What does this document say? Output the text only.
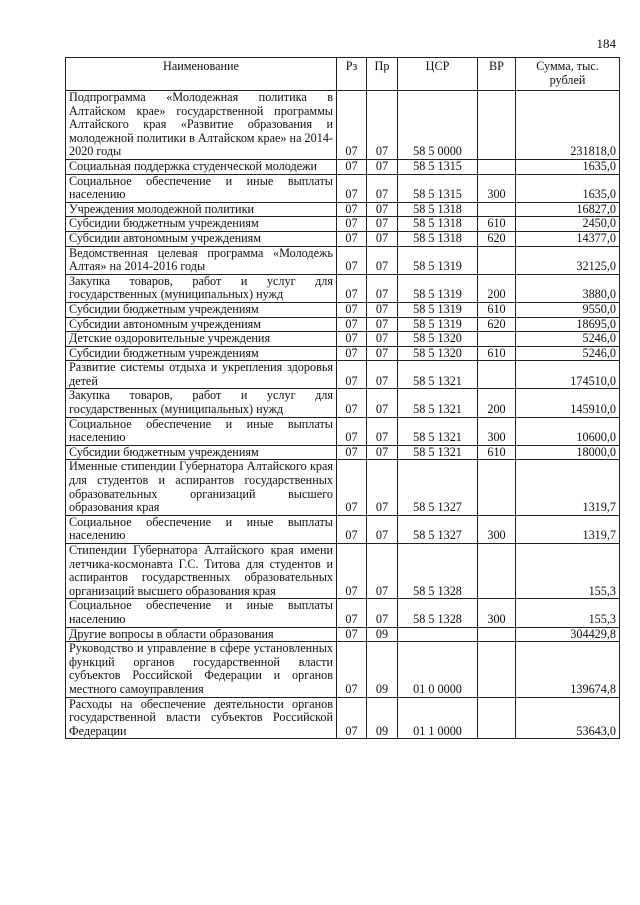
184
Наименование	Рз	Пр	ЦСР	ВР	Сумма, тыс. рублей
Подпрограмма «Молодежная политика в Алтайском крае» государственной программы Алтайского края «Развитие образования и молодежной политики в Алтайском крае» на 2014-2020 годы	07	07	58 5 0000		231818,0
Социальная поддержка студенческой молодежи	07	07	58 5 1315		1635,0
Социальное обеспечение и иные выплаты населению	07	07	58 5 1315	300	1635,0
Учреждения молодежной политики	07	07	58 5 1318		16827,0
Субсидии бюджетным учреждениям	07	07	58 5 1318	610	2450,0
Субсидии автономным учреждениям	07	07	58 5 1318	620	14377,0
Ведомственная целевая программа «Молодежь Алтая» на 2014-2016 годы	07	07	58 5 1319		32125,0
Закупка товаров, работ и услуг для государственных (муниципальных) нужд	07	07	58 5 1319	200	3880,0
Субсидии бюджетным учреждениям	07	07	58 5 1319	610	9550,0
Субсидии автономным учреждениям	07	07	58 5 1319	620	18695,0
Детские оздоровительные учреждения	07	07	58 5 1320		5246,0
Субсидии бюджетным учреждениям	07	07	58 5 1320	610	5246,0
Развитие системы отдыха и укрепления здоровья детей	07	07	58 5 1321		174510,0
Закупка товаров, работ и услуг для государственных (муниципальных) нужд	07	07	58 5 1321	200	145910,0
Социальное обеспечение и иные выплаты населению	07	07	58 5 1321	300	10600,0
Субсидии бюджетным учреждениям	07	07	58 5 1321	610	18000,0
Именные стипендии Губернатора Алтайского края для студентов и аспирантов государственных образовательных организаций высшего образования края	07	07	58 5 1327		1319,7
Социальное обеспечение и иные выплаты населению	07	07	58 5 1327	300	1319,7
Стипендии Губернатора Алтайского края имени летчика-космонавта Г.С. Титова для студентов и аспирантов государственных образовательных организаций высшего образования края	07	07	58 5 1328		155,3
Социальное обеспечение и иные выплаты населению	07	07	58 5 1328	300	155,3
Другие вопросы в области образования	07	09			304429,8
Руководство и управление в сфере установленных функций органов государственной власти субъектов Российской Федерации и органов местного самоуправления	07	09	01 0 0000		139674,8
Расходы на обеспечение деятельности органов государственной власти субъектов Российской Федерации	07	09	01 1 0000		53643,0
